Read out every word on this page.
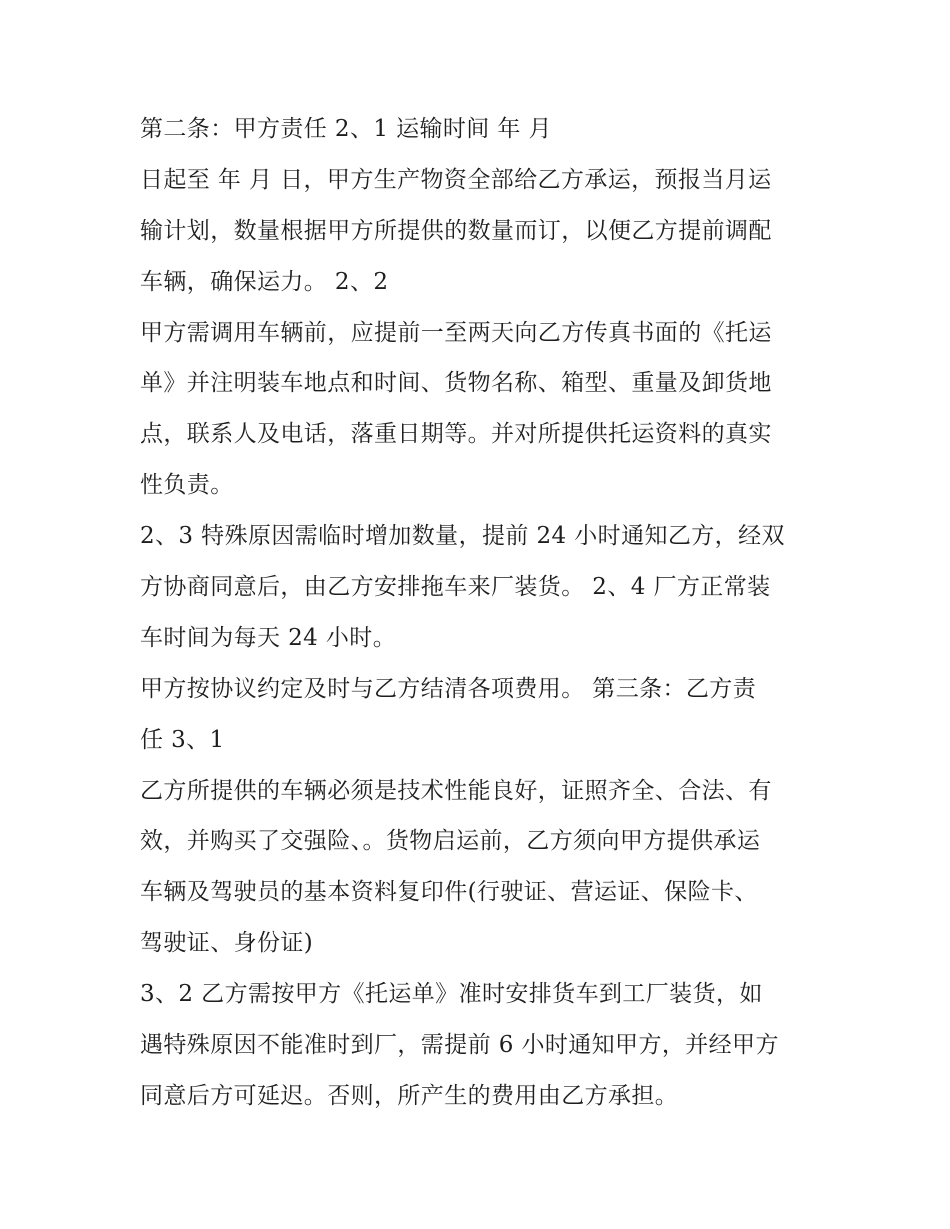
第二条：甲方责任 2、1 运输时间 年 月
日起至 年 月 日，甲方生产物资全部给乙方承运，预报当月运
输计划，数量根据甲方所提供的数量而订，以便乙方提前调配
车辆，确保运力。 2、2
甲方需调用车辆前，应提前一至两天向乙方传真书面的《托运
单》并注明装车地点和时间、货物名称、箱型、重量及卸货地
点，联系人及电话，落重日期等。并对所提供托运资料的真实
性负责。
2、3 特殊原因需临时增加数量，提前 24 小时通知乙方，经双
方协商同意后，由乙方安排拖车来厂装货。 2、4 厂方正常装
车时间为每天 24 小时。
甲方按协议约定及时与乙方结清各项费用。 第三条：乙方责
任 3、1
乙方所提供的车辆必须是技术性能良好，证照齐全、合法、有
效，并购买了交强险、。货物启运前，乙方须向甲方提供承运
车辆及驾驶员的基本资料复印件(行驶证、营运证、保险卡、
驾驶证、身份证)
3、2 乙方需按甲方《托运单》准时安排货车到工厂装货，如
遇特殊原因不能准时到厂，需提前 6 小时通知甲方，并经甲方
同意后方可延迟。否则，所产生的费用由乙方承担。
